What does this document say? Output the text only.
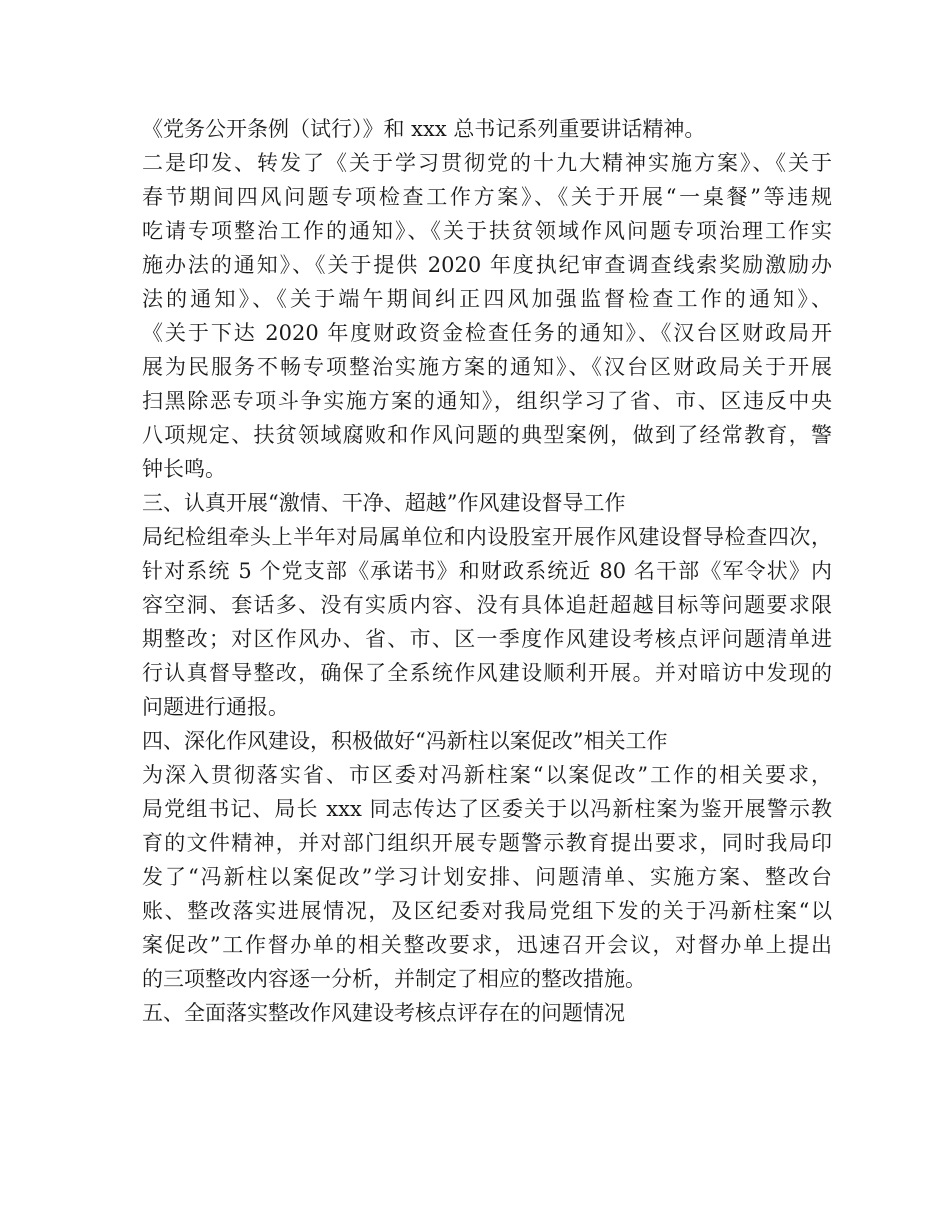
《党务公开条例（试行）》和 xxx 总书记系列重要讲话精神。
二是印发、转发了《关于学习贯彻党的十九大精神实施方案》、《关于
春节期间四风问题专项检查工作方案》、《关于开展“一桌餐”等违规
吃请专项整治工作的通知》、《关于扶贫领域作风问题专项治理工作实
施办法的通知》、《关于提供 2020 年度执纪审查调查线索奖励激励办
法的通知》、《关于端午期间纠正四风加强监督检查工作的通知》、
《关于下达 2020 年度财政资金检查任务的通知》、《汉台区财政局开
展为民服务不畅专项整治实施方案的通知》、《汉台区财政局关于开展
扫黑除恶专项斗争实施方案的通知》，组织学习了省、市、区违反中央
八项规定、扶贫领域腐败和作风问题的典型案例，做到了经常教育，警
钟长鸣。
三、认真开展“激情、干净、超越”作风建设督导工作
局纪检组牵头上半年对局属单位和内设股室开展作风建设督导检查四次，
针对系统 5 个党支部《承诺书》和财政系统近 80 名干部《军令状》内
容空洞、套话多、没有实质内容、没有具体追赶超越目标等问题要求限
期整改；对区作风办、省、市、区一季度作风建设考核点评问题清单进
行认真督导整改，确保了全系统作风建设顺利开展。并对暗访中发现的
问题进行通报。
四、深化作风建设，积极做好“冯新柱以案促改”相关工作
为深入贯彻落实省、市区委对冯新柱案“以案促改”工作的相关要求，
局党组书记、局长 xxx 同志传达了区委关于以冯新柱案为鉴开展警示教
育的文件精神，并对部门组织开展专题警示教育提出要求，同时我局印
发了“冯新柱以案促改”学习计划安排、问题清单、实施方案、整改台
账、整改落实进展情况，及区纪委对我局党组下发的关于冯新柱案“以
案促改”工作督办单的相关整改要求，迅速召开会议，对督办单上提出
的三项整改内容逐一分析，并制定了相应的整改措施。
五、全面落实整改作风建设考核点评存在的问题情况
